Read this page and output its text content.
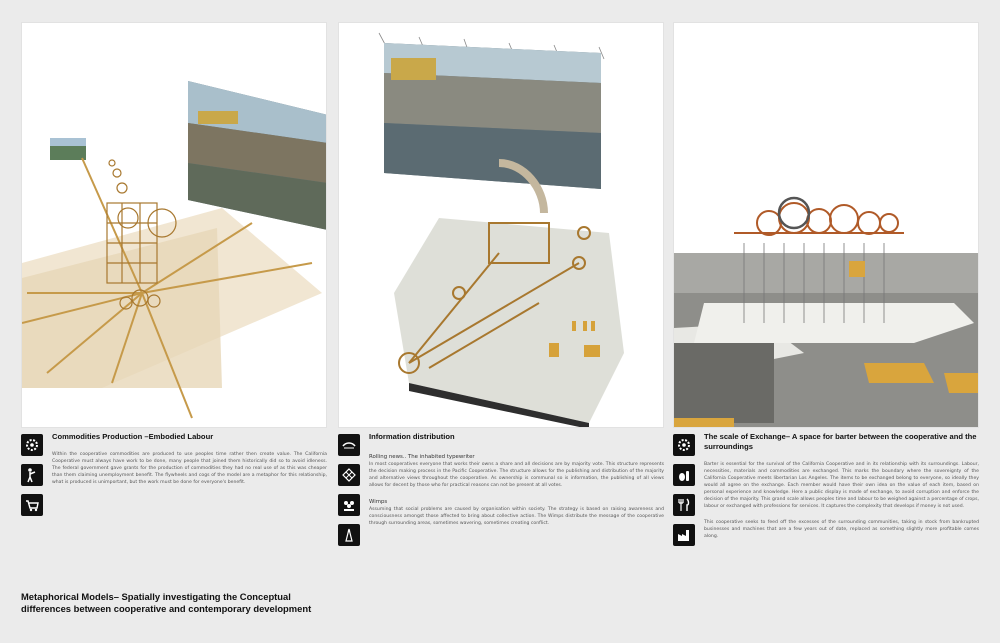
Commodities Production –Embodied Labour

Within the cooperative commodities are produced to use peoples time rather then create value. The California Cooperative must always have work to be done, many people that joined them historically did so to avoid idleness. The federal government gave grants for the production of commodities they had no real use of as this was cheaper than them claiming unemployment benefit. The flywheels and cogs of the model are a metaphor for this relationship, what is produced is unimportant, but the work must be done for everyone's benefit.

Information distribution
Rolling news.. The inhabited typewriter

In most cooperatives everyone that works their owns a share and all decisions are by majority vote. This structure represents the decision making process in the Pacific Cooperative. The structure allows for the publishing and distribution of the majority and alternative views throughout the cooperative. As ownership is communal so is information, the publishing of all views allows for decent by those who for practical reasons can not be present at all votes.

Wimps

Assuming that social problems are caused by organisation within society. The strategy is based on raising awareness and consciousness amongst those affected to bring about collective action. The Wimps distribute the message of the cooperative through surrounding areas, sometimes wavering, sometimes creating conflict.

The scale of Exchange– A space for barter between the cooperative and the surroundings

Barter is essential for the survival of the California Cooperative and in its relationship with its surroundings. Labour, necessities, materials and commodities are exchanged. This marks the boundary where the sovereignty of the California Cooperative meets libertarian Los Angeles. The items to be exchanged belong to everyone, so ideally they would all agree on the exchange. Each member would have their own idea on the value of each item, based on personal experience and knowledge. Here a public display is made of exchange, to avoid corruption and enforce the decision of the majority. This grand scale allows peoples time and labour to be weighed against a percentage of crops, labour or exchanged with professions for services. It captures the complexity that develops if money is not used.

This cooperative seeks to feed off the excesses of the surrounding communities, taking in stock from bankrupted businesses and machines that are a few years out of date, replaced as something slightly more profitable comes along.

Metaphorical Models– Spatially investigating the Conceptual
differences between cooperative and contemporary development
